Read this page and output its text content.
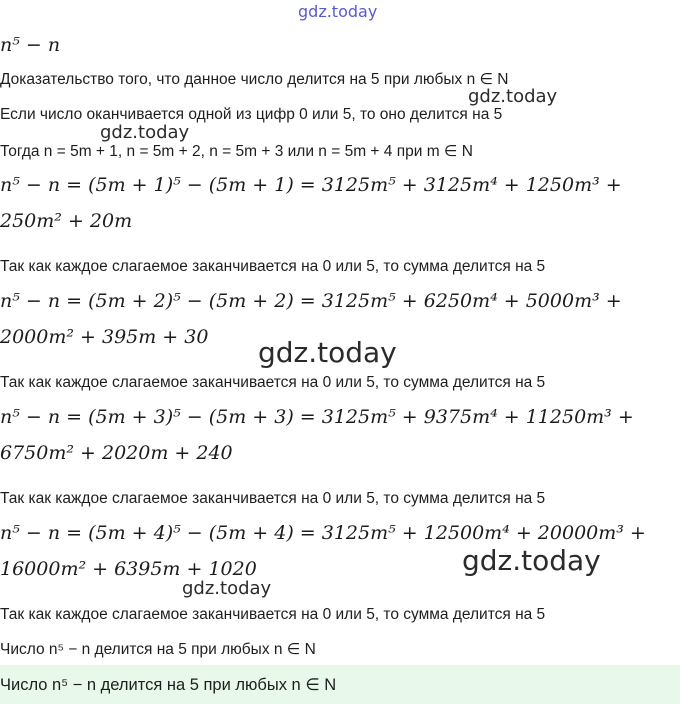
gdz.today
n⁵ − n
Доказательство того, что данное число делится на 5 при любых n ∈ N
gdz.today
Если число оканчивается одной из цифр 0 или 5, то оно делится на 5
gdz.today
Тогда n = 5m + 1, n = 5m + 2, n = 5m + 3 или n = 5m + 4 при m ∈ N
n⁵ − n = (5m + 1)⁵ − (5m + 1) = 3125m⁵ + 3125m⁴ + 1250m³ +
250m² + 20m
Так как каждое слагаемое заканчивается на 0 или 5, то сумма делится на 5
n⁵ − n = (5m + 2)⁵ − (5m + 2) = 3125m⁵ + 6250m⁴ + 5000m³ +
2000m² + 395m + 30 gdz.today
Так как каждое слагаемое заканчивается на 0 или 5, то сумма делится на 5
n⁵ − n = (5m + 3)⁵ − (5m + 3) = 3125m⁵ + 9375m⁴ + 11250m³ +
6750m² + 2020m + 240
Так как каждое слагаемое заканчивается на 0 или 5, то сумма делится на 5
n⁵ − n = (5m + 4)⁵ − (5m + 4) = 3125m⁵ + 12500m⁴ + 20000m³ +
16000m² + 6395m + 1020	gdz.today
gdz.today
Так как каждое слагаемое заканчивается на 0 или 5, то сумма делится на 5
Число n⁵ − n делится на 5 при любых n ∈ N
Число n⁵ − n делится на 5 при любых n ∈ N
